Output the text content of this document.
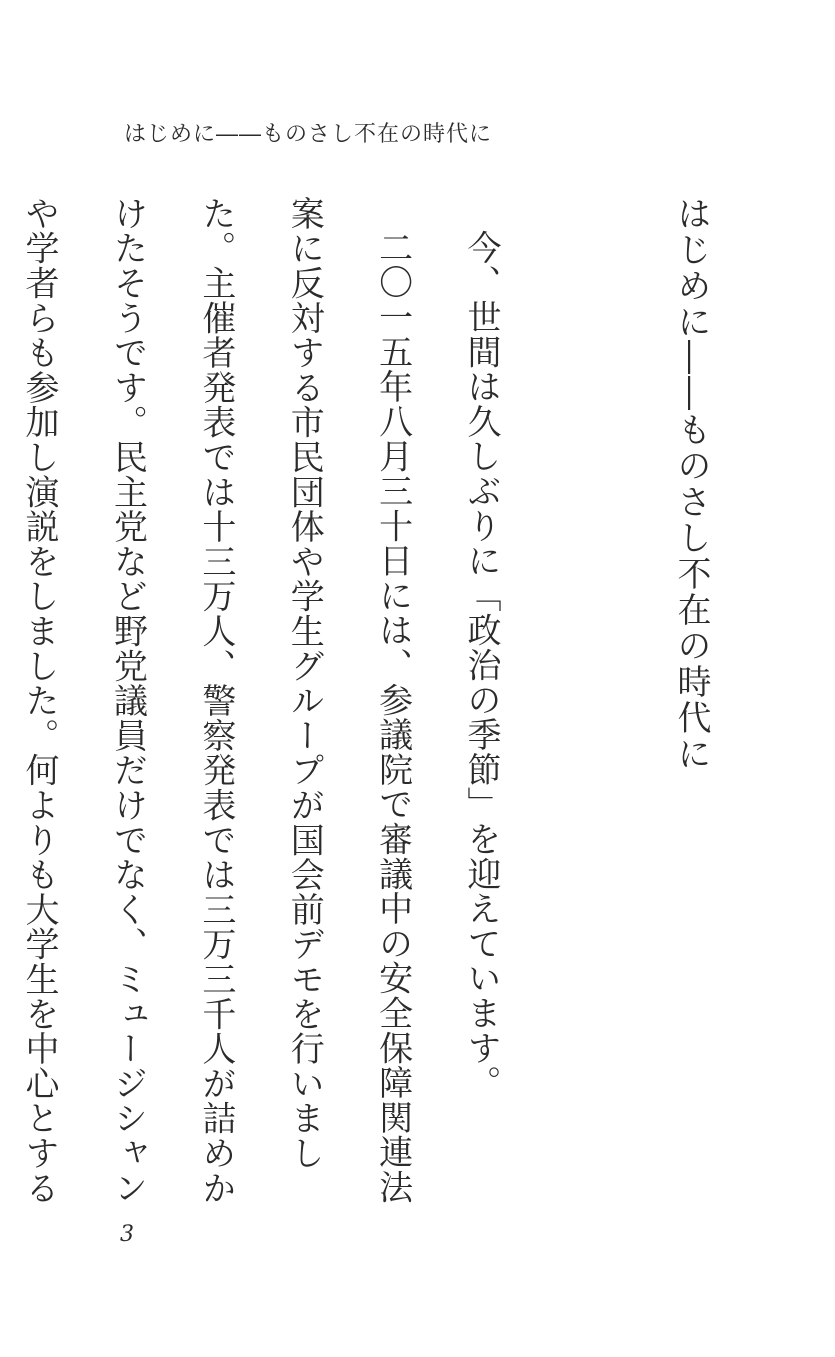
はじめに――ものさし不在の時代に
はじめに――ものさし不在の時代に

今、世間は久しぶりに「政治の季節」を迎えています。

二〇一五年八月三十日には、参議院で審議中の安全保障関連法案に反対する市民団体や学生グループが国会前デモを行いました。主催者発表では十三万人、警察発表では三万三千人が詰めかけたそうです。民主党など野党議員だけでなく、ミュージシャンや学者らも参加し演説をしました。何よりも大学生を中心とする

3
